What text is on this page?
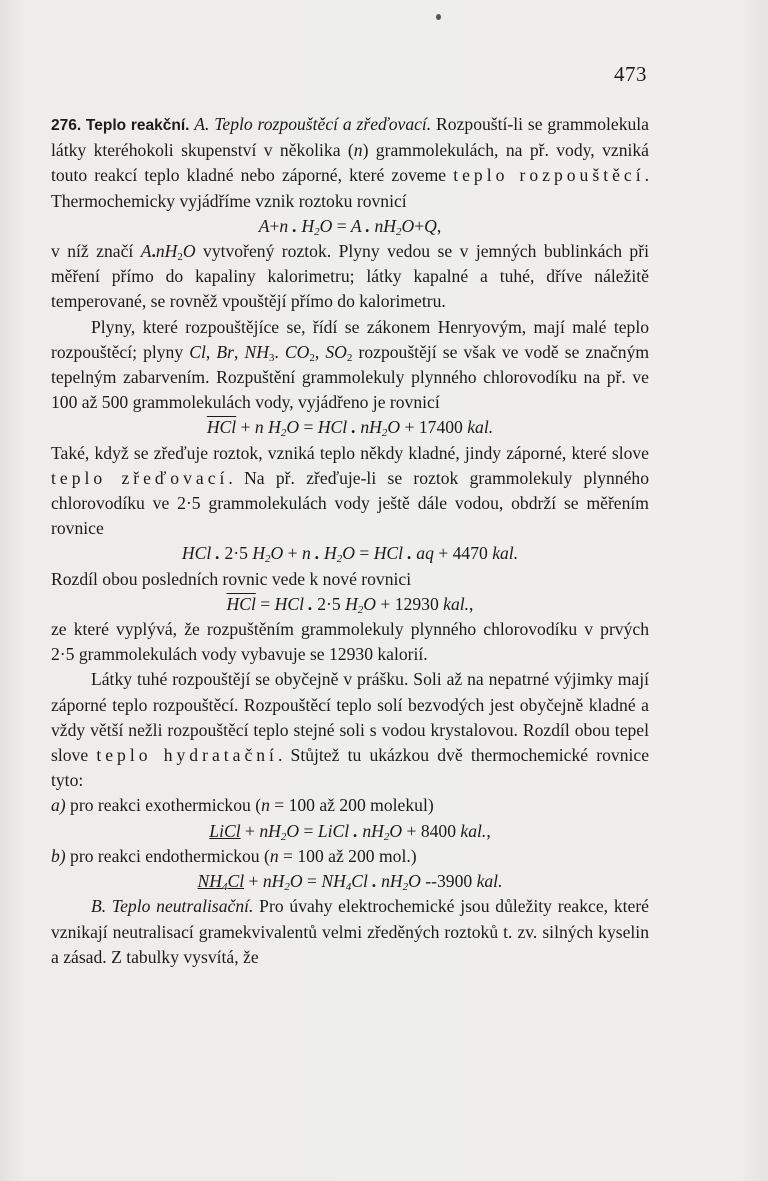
473

276. Teplo reakční. A. Teplo rozpouštěcí a zřeďovací. Rozpouští-li se grammolekula látky kteréhokoli skupenství v několika (n) grammolekulách, na př. vody, vzniká touto reakcí teplo kladné nebo záporné, které zoveme teplo rozpouštěcí. Thermochemicky vyjádříme vznik roztoku rovnicí

A+n . $H_2O = A$ . $nH_2O+Q$,

v níž značí $A.nH_2O$ vytvořený roztok. Plyny vedou se v jemných bublinkách při měření přímo do kapaliny kalorimetru; látky kapalné a tuhé, dříve náležitě temperované, se rovněž vpouštějí přímo do kalorimetru.

Plyny, které rozpouštějíce se, řídí se zákonem Henryovým, mají malé teplo rozpouštěcí; plyny Cl, Br, $NH_3$. $CO_2$, $SO_2$ rozpouštějí se však ve vodě se značným tepelným zabarvením. Rozpuštění grammolekuly plynného chlorovodíku na př. ve 100 až 500 grammolekulách vody, vyjádřeno je rovnicí

$\overline{HCl} + n$ $H_2O$ = HCl . $nH_2O + 17400$ kal.

Také, když se zřeďuje roztok, vzniká teplo někdy kladné, jindy záporné, které slove teplo zřeďovací. Na př. zřeďuje-li se roztok grammolekuly plynného chlorovodíku ve 2·5 grammolekulách vody ještě dále vodou, obdrží se měřením rovnice

HCl . 2·5 $H_2O + n$ . $H_2O$ = HCl . aq + 4470 kal.

Rozdíl obou posledních rovnic vede k nové rovnici

$\overline{HCl}$ = HCl . 2·5 $H_2O + 12930$ kal.,

ze které vyplývá, že rozpuštěním grammolekuly plynného chlorovodíku v prvých 2·5 grammolekulách vody vybavuje se 12930 kalorií.

Látky tuhé rozpouštějí se obyčejně v prášku. Soli až na nepatrné výjimky mají záporné teplo rozpouštěcí. Rozpouštěcí teplo solí bezvodých jest obyčejně kladné a vždy větší nežli rozpouštěcí teplo stejné soli s vodou krystalovou. Rozdíl obou tepel slove teplo hydratační. Stůjtež tu ukázkou dvě thermochemické rovnice tyto:

a) pro reakci exothermickou (n = 100 až 200 molekul)

LiCl + $nH_2O$ = LiCl . $nH_2O + 8400$ kal.,

b) pro reakci endothermickou (n = 100 až 200 mol.)

$NH_4Cl + nH_2O = NH_4Cl$ . $nH_2O$ --3900 kal.

B. Teplo neutralisační. Pro úvahy elektrochemické jsou důležity reakce, které vznikají neutralisací gramekvivalentů velmi zředěných roztoků t. zv. silných kyselin a zásad. Z tabulky vysvítá, že
